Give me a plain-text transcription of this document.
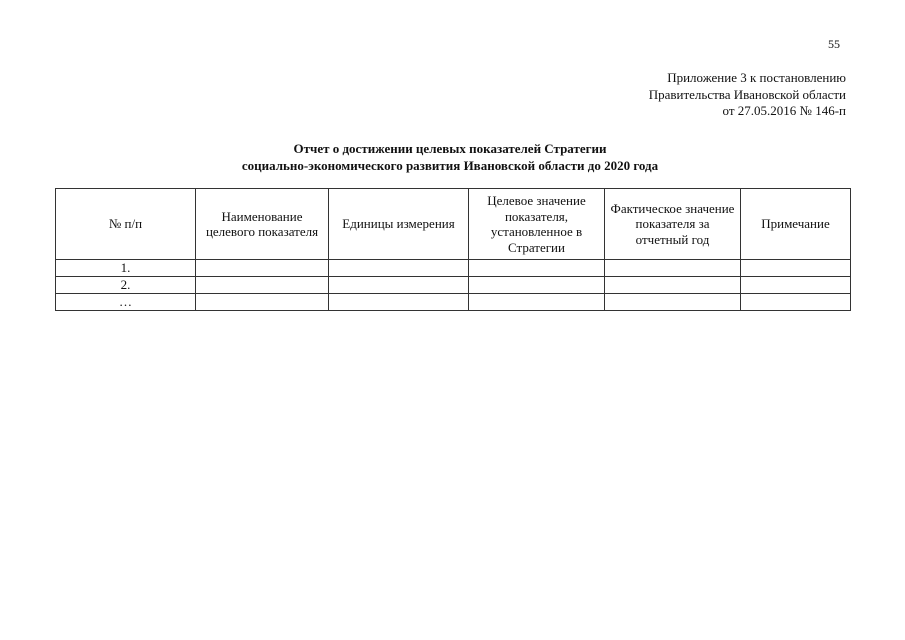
55
Приложение 3 к постановлению
Правительства Ивановской области
от 27.05.2016 № 146-п
Отчет о достижении целевых показателей Стратегии
социально-экономического развития Ивановской области до 2020 года
№ п/п	Наименование целевого показателя	Единицы измерения	Целевое значение показателя, установленное в Стратегии	Фактическое значение показателя за отчетный год	Примечание
1.					
2.					
…					
